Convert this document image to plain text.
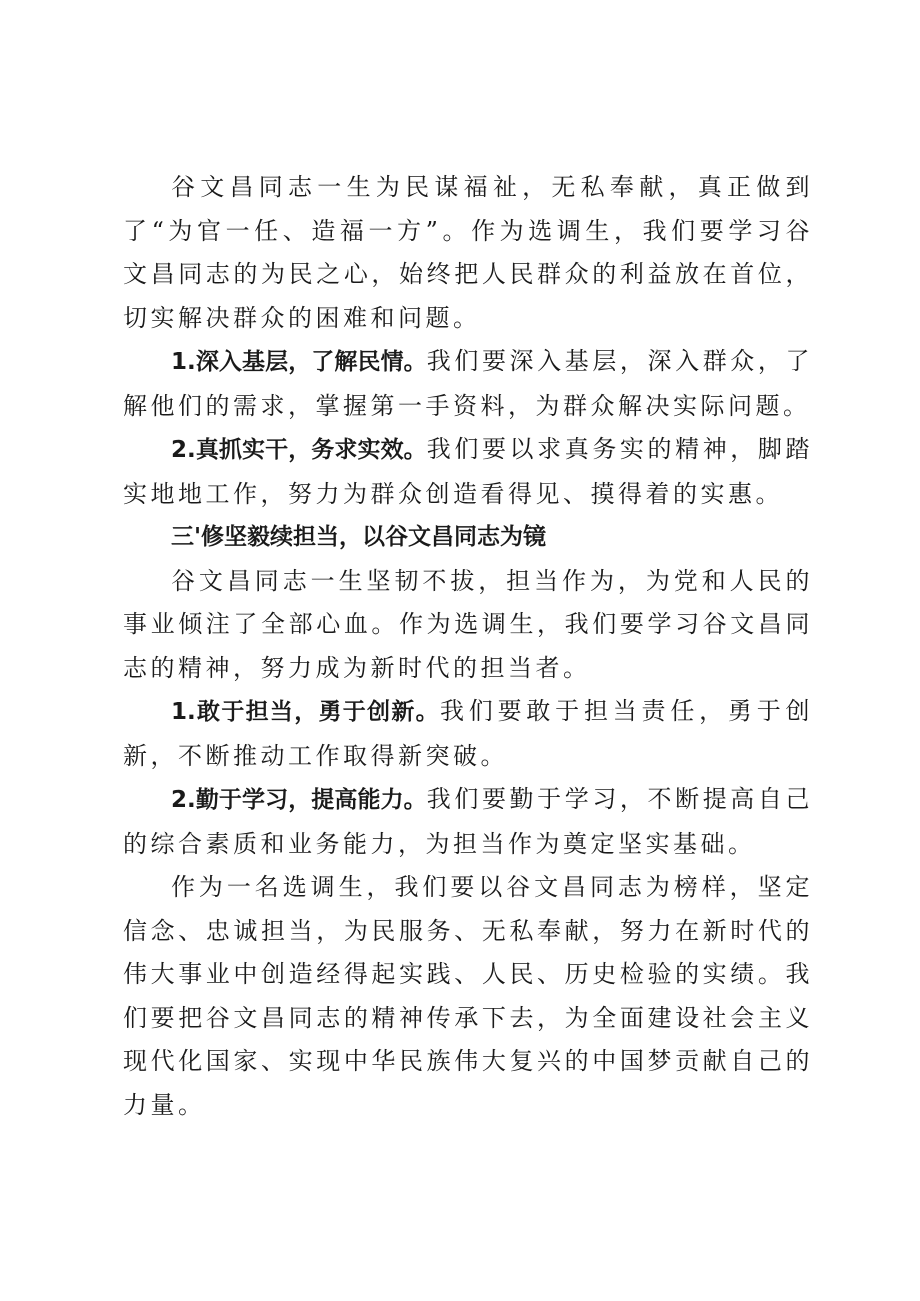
谷文昌同志一生为民谋福祉，无私奉献，真正做到了“为官一任、造福一方”。作为选调生，我们要学习谷文昌同志的为民之心，始终把人民群众的利益放在首位，切实解决群众的困难和问题。

1.深入基层，了解民情。我们要深入基层，深入群众，了解他们的需求，掌握第一手资料，为群众解决实际问题。

2.真抓实干，务求实效。我们要以求真务实的精神，脚踏实地地工作，努力为群众创造看得见、摸得着的实惠。

三'修坚毅续担当，以谷文昌同志为镜

谷文昌同志一生坚韧不拔，担当作为，为党和人民的事业倾注了全部心血。作为选调生，我们要学习谷文昌同志的精神，努力成为新时代的担当者。

1.敢于担当，勇于创新。我们要敢于担当责任，勇于创新，不断推动工作取得新突破。

2.勤于学习，提高能力。我们要勤于学习，不断提高自己的综合素质和业务能力，为担当作为奠定坚实基础。

作为一名选调生，我们要以谷文昌同志为榜样，坚定信念、忠诚担当，为民服务、无私奉献，努力在新时代的伟大事业中创造经得起实践、人民、历史检验的实绩。我们要把谷文昌同志的精神传承下去，为全面建设社会主义现代化国家、实现中华民族伟大复兴的中国梦贡献自己的力量。
